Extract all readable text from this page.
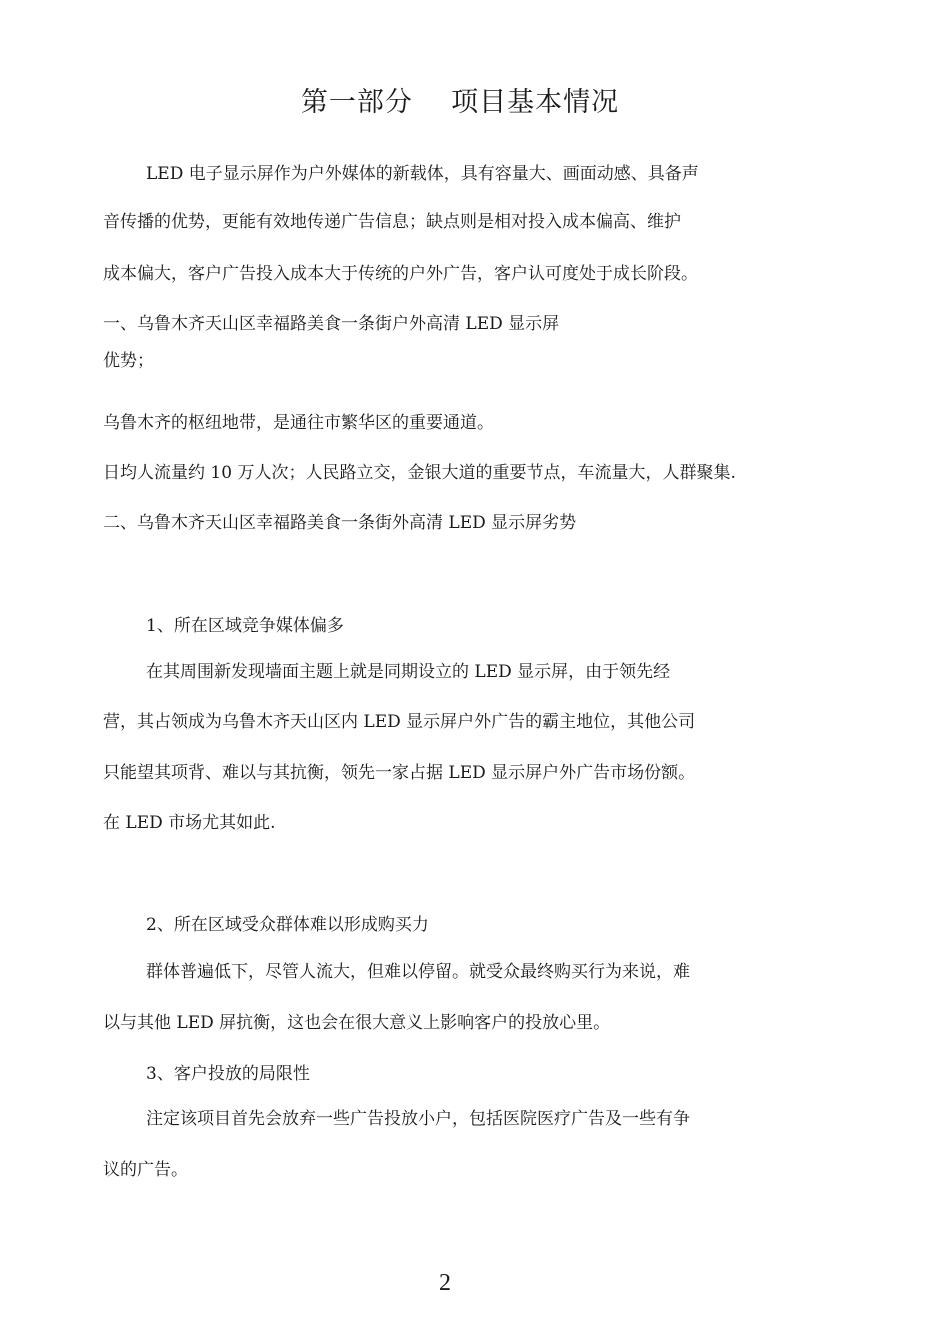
第一部分    项目基本情况
LED 电子显示屏作为户外媒体的新载体，具有容量大、画面动感、具备声
音传播的优势，更能有效地传递广告信息；缺点则是相对投入成本偏高、维护
成本偏大，客户广告投入成本大于传统的户外广告，客户认可度处于成长阶段。
一、乌鲁木齐天山区幸福路美食一条街户外高清 LED 显示屏
优势；
乌鲁木齐的枢纽地带，是通往市繁华区的重要通道。
日均人流量约 10 万人次；人民路立交，金银大道的重要节点，车流量大，人群聚集.
二、乌鲁木齐天山区幸福路美食一条街外高清 LED 显示屏劣势
1、所在区域竞争媒体偏多
在其周围新发现墙面主题上就是同期设立的 LED 显示屏，由于领先经
营，其占领成为乌鲁木齐天山区内 LED 显示屏户外广告的霸主地位，其他公司
只能望其项背、难以与其抗衡，领先一家占据 LED 显示屏户外广告市场份额。
在 LED 市场尤其如此.
2、所在区域受众群体难以形成购买力
群体普遍低下，尽管人流大，但难以停留。就受众最终购买行为来说，难
以与其他 LED 屏抗衡，这也会在很大意义上影响客户的投放心里。
3、客户投放的局限性
注定该项目首先会放弃一些广告投放小户，包括医院医疗广告及一些有争
议的广告。
2
